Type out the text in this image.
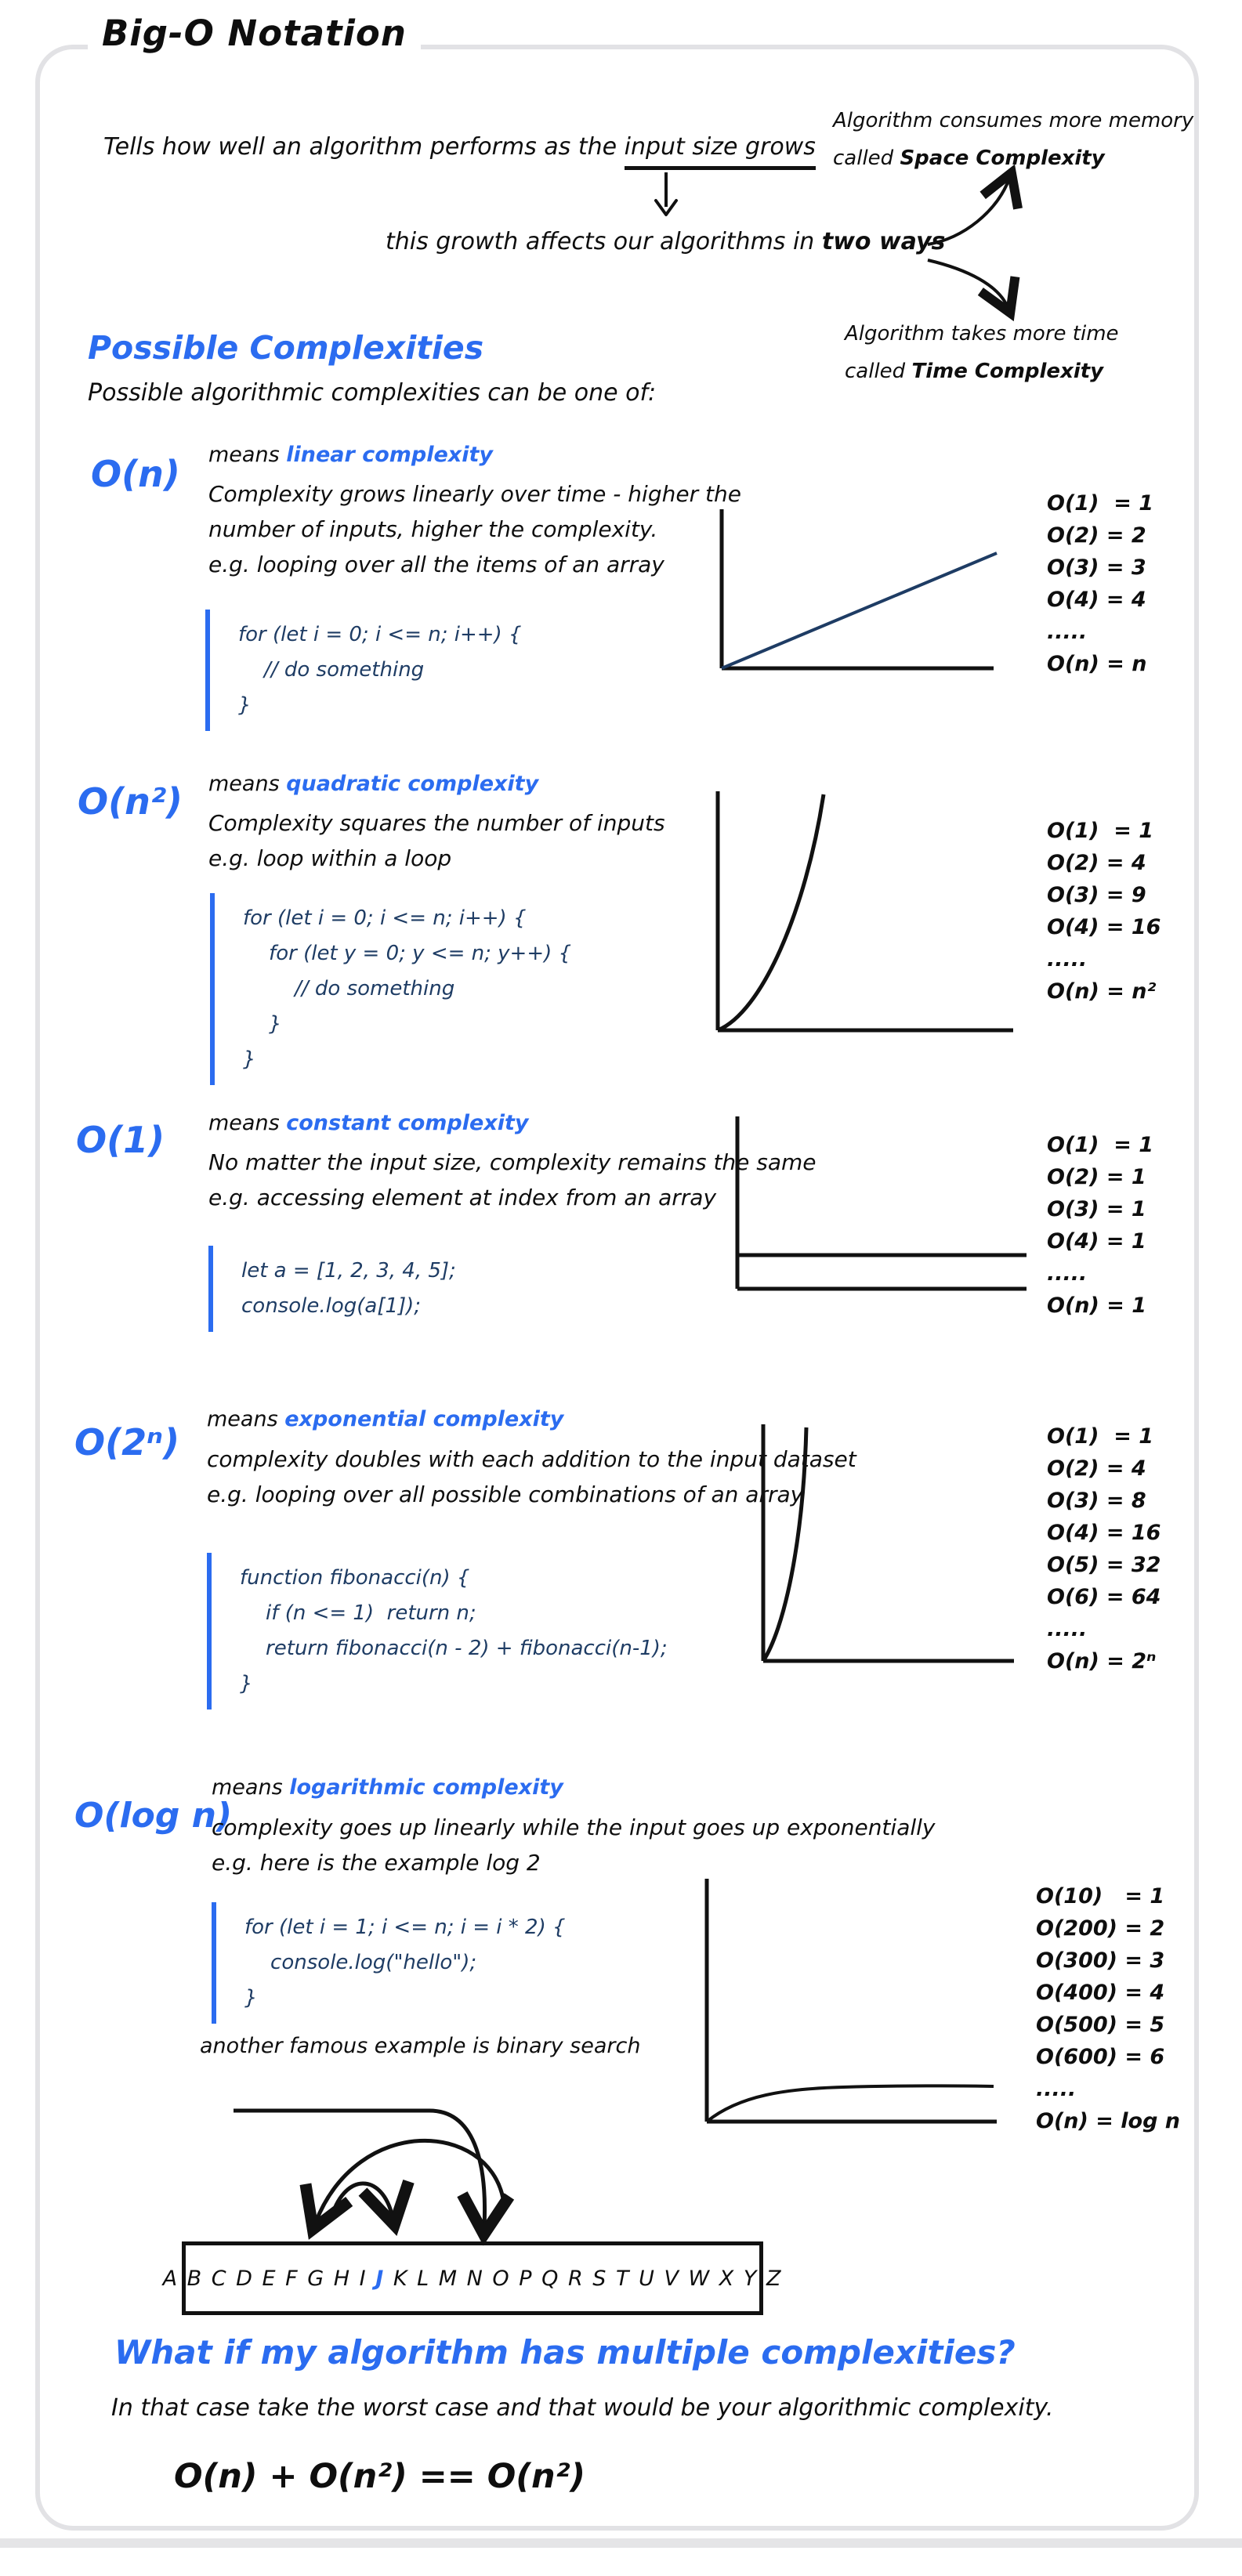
Big-O Notation
Tells how well an algorithm performs as the input size grows
Algorithm consumes more memory
called Space Complexity
this growth affects our algorithms in two ways
Algorithm takes more time
called Time Complexity
Possible Complexities
Possible algorithmic complexities can be one of:
O(n) means linear complexity
Complexity grows linearly over time - higher the
number of inputs, higher the complexity.
e.g. looping over all the items of an array
for (let i = 0; i <= n; i++) {
// do something
}
O(1)  = 1
O(2) = 2
O(3) = 3
O(4) = 4
.....
O(n) = n
O(n²) means quadratic complexity
Complexity squares the number of inputs
e.g. loop within a loop
for (let i = 0; i <= n; i++) {
for (let y = 0; y <= n; y++) {
// do something
}
}
O(1)  = 1
O(2) = 4
O(3) = 9
O(4) = 16
.....
O(n) = n²
O(1) means constant complexity
No matter the input size, complexity remains the same
e.g. accessing element at index from an array
let a = [1, 2, 3, 4, 5];
console.log(a[1]);
O(1)  = 1
O(2) = 1
O(3) = 1
O(4) = 1
.....
O(n) = 1
O(2ⁿ)
means exponential complexity
complexity doubles with each addition to the input dataset
e.g. looping over all possible combinations of an array
function fibonacci(n) {
if (n <= 1)  return n;
return fibonacci(n - 2) + fibonacci(n-1);
}
O(1)  = 1
O(2) = 4
O(3) = 8
O(4) = 16
O(5) = 32
O(6) = 64
.....
O(n) = 2ⁿ
O(log n)
means logarithmic complexity
complexity goes up linearly while the input goes up exponentially
e.g. here is the example log 2
for (let i = 1; i <= n; i = i * 2) {
console.log("hello");
}
another famous example is binary search
O(10)   = 1
O(200) = 2
O(300) = 3
O(400) = 4
O(500) = 5
O(600) = 6
.....
O(n) = log n
A B C D E F G H I J K L M N O P Q R S T U V W X Y Z
What if my algorithm has multiple complexities?
In that case take the worst case and that would be your algorithmic complexity.
O(n) + O(n²) == O(n²)
